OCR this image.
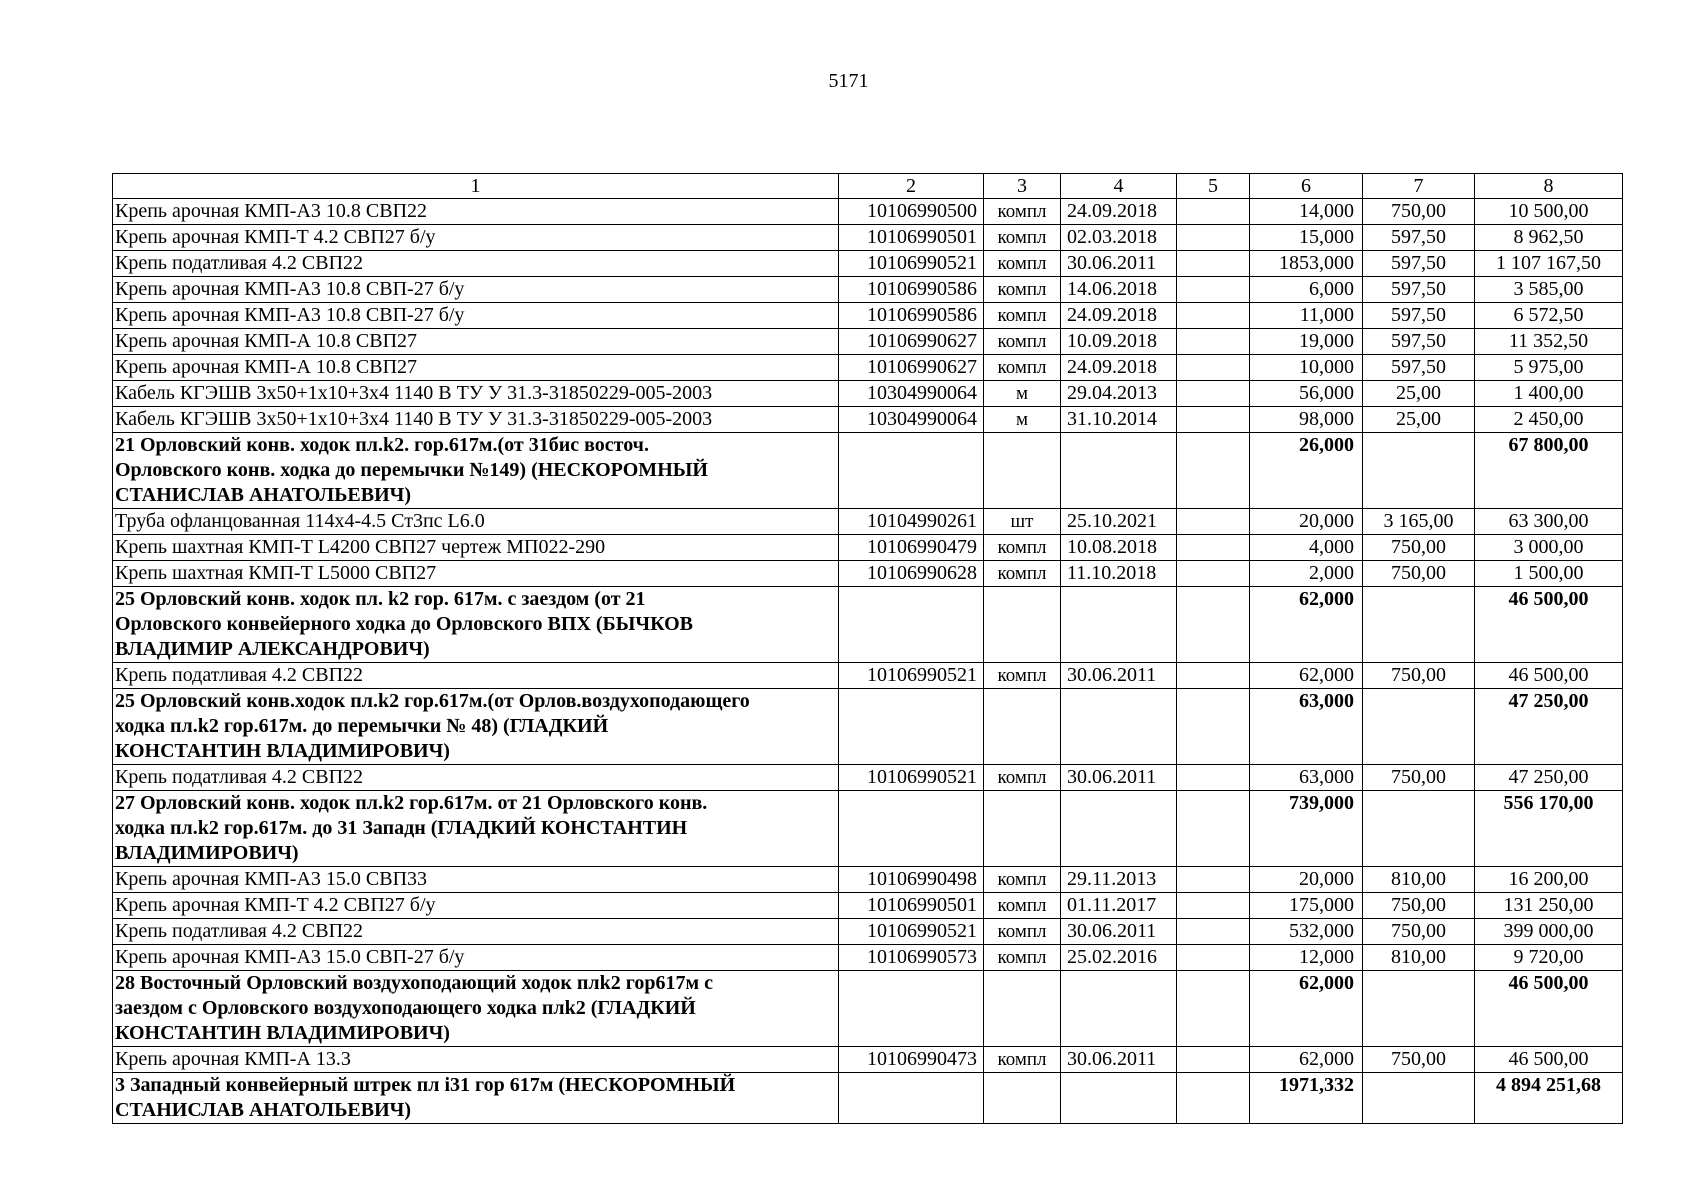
5171
1	2	3	4	5	6	7	8
Крепь арочная КМП-А3 10.8 СВП22	10106990500	компл	24.09.2018		14,000	750,00	10 500,00
Крепь арочная КМП-Т 4.2 СВП27 б/у	10106990501	компл	02.03.2018		15,000	597,50	8 962,50
Крепь податливая 4.2 СВП22	10106990521	компл	30.06.2011		1853,000	597,50	1 107 167,50
Крепь арочная КМП-А3 10.8 СВП-27 б/у	10106990586	компл	14.06.2018		6,000	597,50	3 585,00
Крепь арочная КМП-А3 10.8 СВП-27 б/у	10106990586	компл	24.09.2018		11,000	597,50	6 572,50
Крепь арочная КМП-А 10.8 СВП27	10106990627	компл	10.09.2018		19,000	597,50	11 352,50
Крепь арочная КМП-А 10.8 СВП27	10106990627	компл	24.09.2018		10,000	597,50	5 975,00
Кабель КГЭШВ 3х50+1х10+3х4 1140 В ТУ У 31.3-31850229-005-2003	10304990064	м	29.04.2013		56,000	25,00	1 400,00
Кабель КГЭШВ 3х50+1х10+3х4 1140 В ТУ У 31.3-31850229-005-2003	10304990064	м	31.10.2014		98,000	25,00	2 450,00

21 Орловский конв. ходок пл.k2. гор.617м.(от 31бис восточ.
Орловского конв. ходка до перемычки №149) (НЕСКОРОМНЫЙ
СТАНИСЛАВ АНАТОЛЬЕВИЧ)					26,000		67 800,00
Труба офланцованная 114х4-4.5 Ст3пс L6.0	10104990261	шт	25.10.2021		20,000	3 165,00	63 300,00
Крепь шахтная КМП-Т L4200 СВП27 чертеж МП022-290	10106990479	компл	10.08.2018		4,000	750,00	3 000,00
Крепь шахтная КМП-Т L5000 СВП27	10106990628	компл	11.10.2018		2,000	750,00	1 500,00

25 Орловский конв. ходок пл. k2 гор. 617м. с заездом (от 21
Орловского конвейерного ходка до Орловского ВПХ (БЫЧКОВ
ВЛАДИМИР АЛЕКСАНДРОВИЧ)					62,000		46 500,00
Крепь податливая 4.2 СВП22	10106990521	компл	30.06.2011		62,000	750,00	46 500,00

25 Орловский конв.ходок пл.k2 гор.617м.(от Орлов.воздухоподающего
ходка пл.k2 гор.617м. до перемычки № 48) (ГЛАДКИЙ
КОНСТАНТИН ВЛАДИМИРОВИЧ)					63,000		47 250,00
Крепь податливая 4.2 СВП22	10106990521	компл	30.06.2011		63,000	750,00	47 250,00

27 Орловский конв. ходок пл.k2 гор.617м. от 21 Орловского конв.
ходка пл.k2 гор.617м. до 31 Западн (ГЛАДКИЙ КОНСТАНТИН
ВЛАДИМИРОВИЧ)					739,000		556 170,00
Крепь арочная КМП-А3 15.0 СВП33	10106990498	компл	29.11.2013		20,000	810,00	16 200,00
Крепь арочная КМП-Т 4.2 СВП27 б/у	10106990501	компл	01.11.2017		175,000	750,00	131 250,00
Крепь податливая 4.2 СВП22	10106990521	компл	30.06.2011		532,000	750,00	399 000,00
Крепь арочная КМП-А3 15.0 СВП-27 б/у	10106990573	компл	25.02.2016		12,000	810,00	9 720,00

28 Восточный Орловский воздухоподающий ходок плk2 гор617м с
заездом с Орловского воздухоподающего ходка плk2 (ГЛАДКИЙ
КОНСТАНТИН ВЛАДИМИРОВИЧ)					62,000		46 500,00
Крепь арочная КМП-А 13.3	10106990473	компл	30.06.2011		62,000	750,00	46 500,00

3 Западный конвейерный штрек пл i31 гор 617м (НЕСКОРОМНЫЙ
СТАНИСЛАВ АНАТОЛЬЕВИЧ)					1971,332		4 894 251,68
